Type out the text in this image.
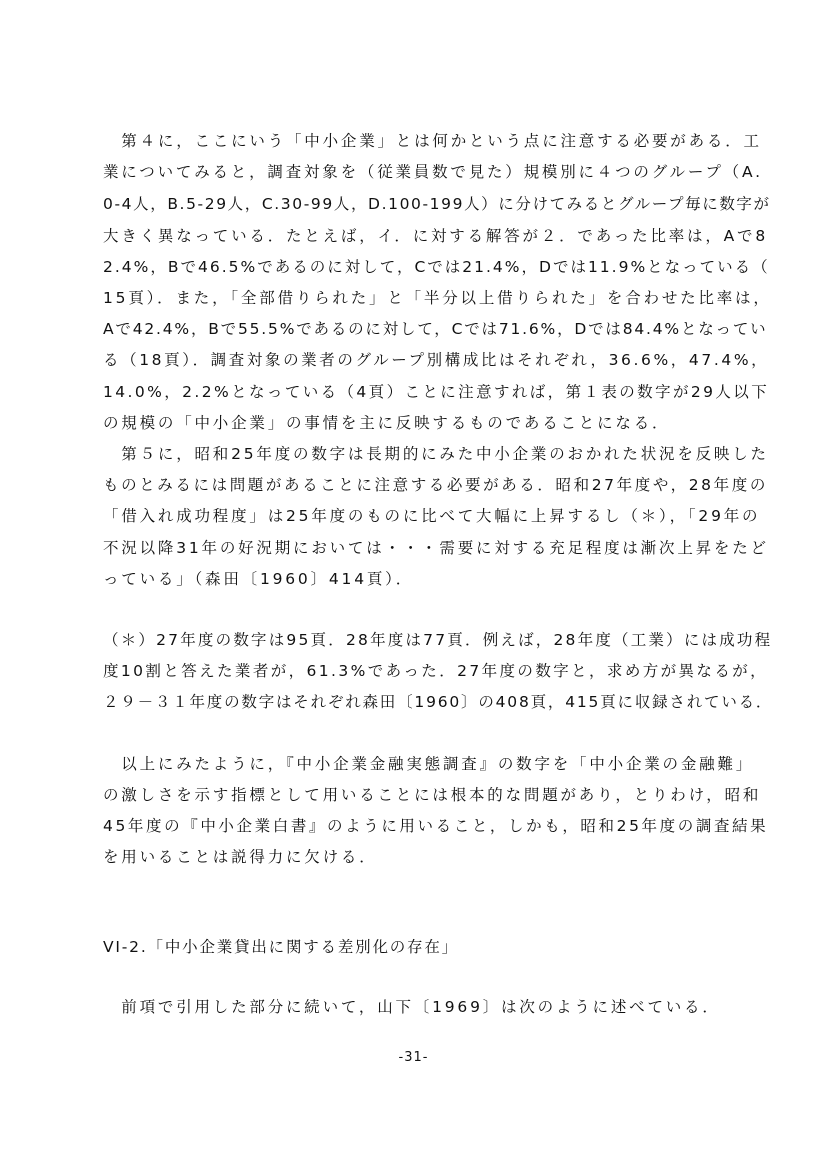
　第４に，ここにいう「中小企業」とは何かという点に注意する必要がある．工
業についてみると，調査対象を（従業員数で見た）規模別に４つのグループ（A.
0-4人，B.5-29人，C.30-99人，D.100-199人）に分けてみるとグループ毎に数字が
大きく異なっている．たとえば，イ．に対する解答が２．であった比率は，Aで8
2.4%，Bで46.5%であるのに対して，Cでは21.4%，Dでは11.9%となっている（
15頁）．また，「全部借りられた」と「半分以上借りられた」を合わせた比率は，
Aで42.4%，Bで55.5%であるのに対して，Cでは71.6%，Dでは84.4%となってい
る（18頁）．調査対象の業者のグループ別構成比はそれぞれ，36.6%，47.4%，
14.0%，2.2%となっている（4頁）ことに注意すれば，第１表の数字が29人以下
の規模の「中小企業」の事情を主に反映するものであることになる．
　第５に，昭和25年度の数字は長期的にみた中小企業のおかれた状況を反映した
ものとみるには問題があることに注意する必要がある．昭和27年度や，28年度の
「借入れ成功程度」は25年度のものに比べて大幅に上昇するし（＊），「29年の
不況以降31年の好況期においては・・・需要に対する充足程度は漸次上昇をたど
っている」（森田〔1960〕414頁）．
（＊）27年度の数字は95頁．28年度は77頁．例えば，28年度（工業）には成功程
度10割と答えた業者が，61.3%であった．27年度の数字と，求め方が異なるが，
２９－３１年度の数字はそれぞれ森田〔1960〕の408頁，415頁に収録されている．
　以上にみたように，『中小企業金融実態調査』の数字を「中小企業の金融難」
の激しさを示す指標として用いることには根本的な問題があり，とりわけ，昭和
45年度の『中小企業白書』のように用いること，しかも，昭和25年度の調査結果
を用いることは説得力に欠ける．
VI-2.「中小企業貸出に関する差別化の存在」
　前項で引用した部分に続いて，山下〔1969〕は次のように述べている．
-31-
